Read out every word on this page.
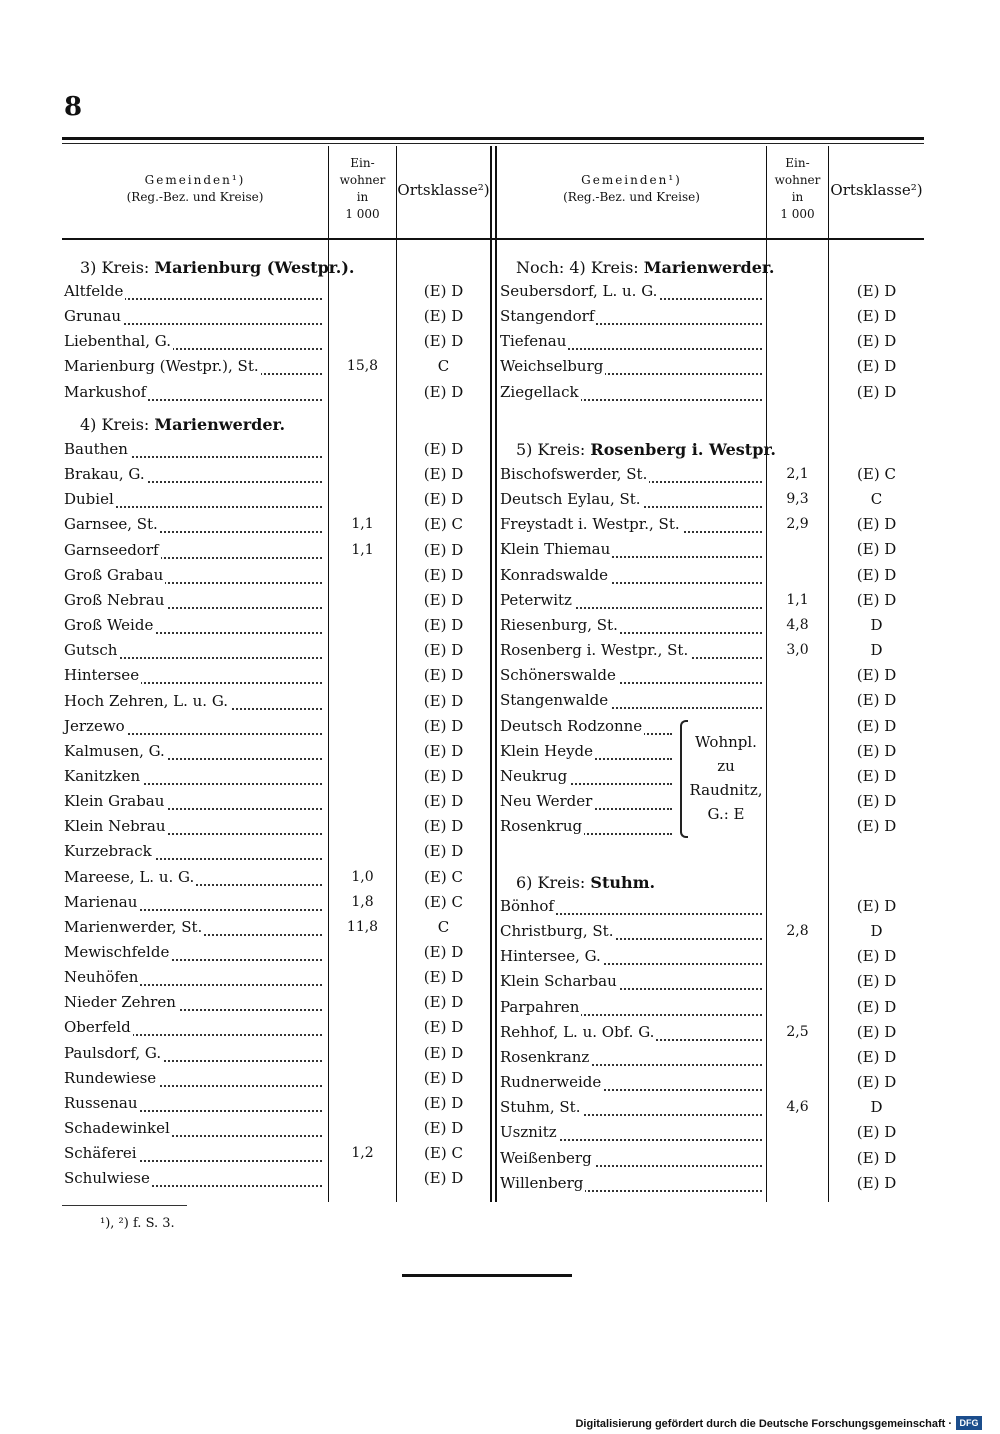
8
Gemeinden¹)
(Reg.-Bez. und Kreise)
Ein-
wohner
in
1 000
Ortsklasse²)
Gemeinden¹)
(Reg.-Bez. und Kreise)
Ein-
wohner
in
1 000
Ortsklasse²)
3) Kreis: Marienburg (Westpr.).
Altfelde	(E) D
Grunau	(E) D
Liebenthal, G.	(E) D
Marienburg (Westpr.), St.	15,8	C
Markushof	(E) D
4) Kreis: Marienwerder.
Bauthen	(E) D
Brakau, G.	(E) D
Dubiel	(E) D
Garnsee, St.	1,1	(E) C
Garnseedorf	1,1	(E) D
Groß Grabau	(E) D
Groß Nebrau	(E) D
Groß Weide	(E) D
Gutsch	(E) D
Hintersee	(E) D
Hoch Zehren, L. u. G.	(E) D
Jerzewo	(E) D
Kalmusen, G.	(E) D
Kanitzken	(E) D
Klein Grabau	(E) D
Klein Nebrau	(E) D
Kurzebrack	(E) D
Mareese, L. u. G.	1,0	(E) C
Marienau	1,8	(E) C
Marienwerder, St.	11,8	C
Mewischfelde	(E) D
Neuhöfen	(E) D
Nieder Zehren	(E) D
Oberfeld	(E) D
Paulsdorf, G.	(E) D
Rundewiese	(E) D
Russenau	(E) D
Schadewinkel	(E) D
Schäferei	1,2	(E) C
Schulwiese	(E) D
Noch: 4) Kreis: Marienwerder.
Seubersdorf, L. u. G.	(E) D
Stangendorf	(E) D
Tiefenau	(E) D
Weichselburg	(E) D
Ziegellack	(E) D
5) Kreis: Rosenberg i. Westpr.
Bischofswerder, St.	2,1	(E) C
Deutsch Eylau, St.	9,3	C
Freystadt i. Westpr., St.	2,9	(E) D
Klein Thiemau	(E) D
Konradswalde	(E) D
Peterwitz	1,1	(E) D
Riesenburg, St.	4,8	D
Rosenberg i. Westpr., St.	3,0	D
Schönerswalde	(E) D
Stangenwalde	(E) D
Deutsch Rodzonne	(E) D
Klein Heyde	(E) D
Neukrug	(E) D
Neu Werder	(E) D
Rosenkrug	(E) D
6) Kreis: Stuhm.
Bönhof	(E) D
Christburg, St.	2,8	D
Hintersee, G.	(E) D
Klein Scharbau	(E) D
Parpahren	(E) D
Rehhof, L. u. Obf. G.	2,5	(E) D
Rosenkranz	(E) D
Rudnerweide	(E) D
Stuhm, St.	4,6	D
Usznitz	(E) D
Weißenberg	(E) D
Willenberg	(E) D
Wohnpl.
zu
Raudnitz,
G.: E
¹), ²) f. S. 3.
Digitalisierung gefördert durch die Deutsche Forschungsgemeinschaft · DFG
